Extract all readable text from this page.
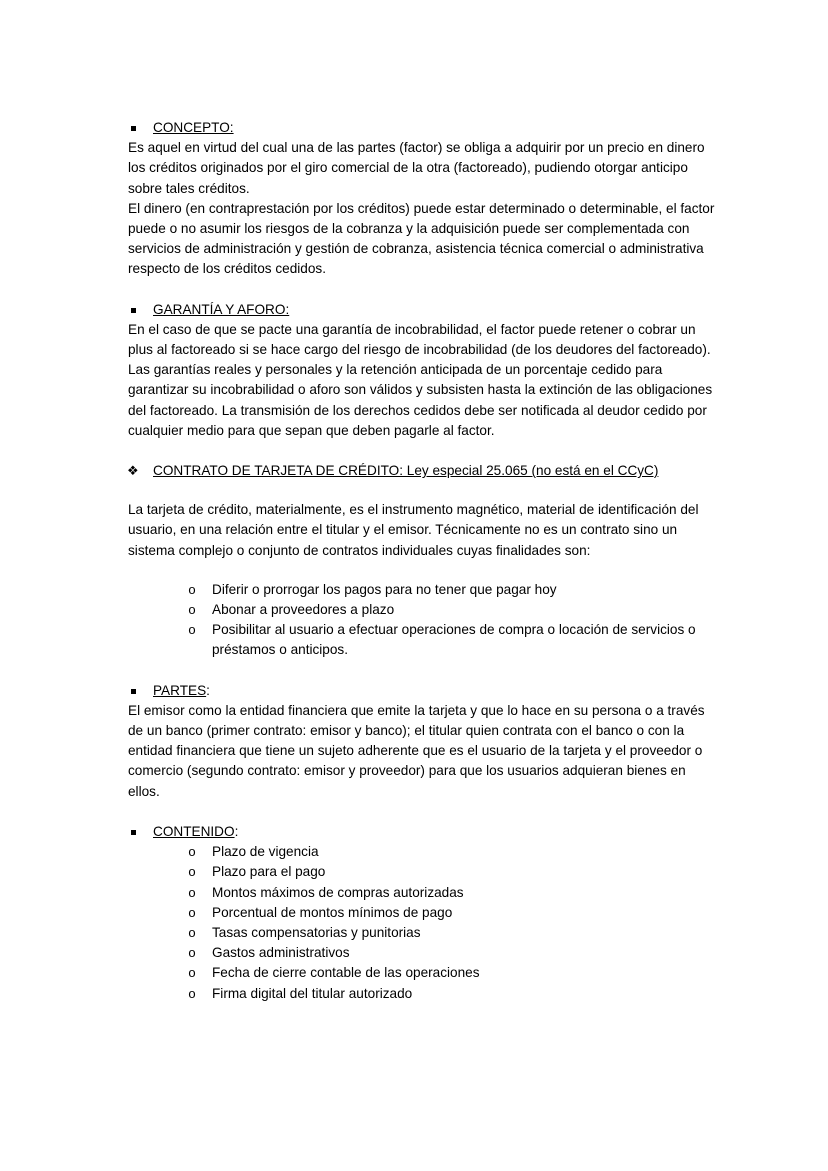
CONCEPTO:

Es aquel en virtud del cual una de las partes (factor) se obliga a adquirir por un precio en dinero los créditos originados por el giro comercial de la otra (factoreado), pudiendo otorgar anticipo sobre tales créditos.

El dinero (en contraprestación por los créditos) puede estar determinado o determinable, el factor puede o no asumir los riesgos de la cobranza y la adquisición puede ser complementada con servicios de administración y gestión de cobranza, asistencia técnica comercial o administrativa respecto de los créditos cedidos.

GARANTÍA Y AFORO:

En el caso de que se pacte una garantía de incobrabilidad, el factor puede retener o cobrar un plus al factoreado si se hace cargo del riesgo de incobrabilidad (de los deudores del factoreado).

Las garantías reales y personales y la retención anticipada de un porcentaje cedido para garantizar su incobrabilidad o aforo son válidos y subsisten hasta la extinción de las obligaciones del factoreado. La transmisión de los derechos cedidos debe ser notificada al deudor cedido por cualquier medio para que sepan que deben pagarle al factor.

❖ CONTRATO DE TARJETA DE CRÉDITO: Ley especial 25.065 (no está en el CCyC)

La tarjeta de crédito, materialmente, es el instrumento magnético, material de identificación del usuario, en una relación entre el titular y el emisor. Técnicamente no es un contrato sino un sistema complejo o conjunto de contratos individuales cuyas finalidades son:

o Diferir o prorrogar los pagos para no tener que pagar hoy
o Abonar a proveedores a plazo
o Posibilitar al usuario a efectuar operaciones de compra o locación de servicios o préstamos o anticipos.
PARTES:

El emisor como la entidad financiera que emite la tarjeta y que lo hace en su persona o a través de un banco (primer contrato: emisor y banco); el titular quien contrata con el banco o con la entidad financiera que tiene un sujeto adherente que es el usuario de la tarjeta y el proveedor o comercio (segundo contrato: emisor y proveedor) para que los usuarios adquieran bienes en ellos.

CONTENIDO:
o Plazo de vigencia
o Plazo para el pago
o Montos máximos de compras autorizadas
o Porcentual de montos mínimos de pago
o Tasas compensatorias y punitorias
o Gastos administrativos
o Fecha de cierre contable de las operaciones
o Firma digital del titular autorizado
